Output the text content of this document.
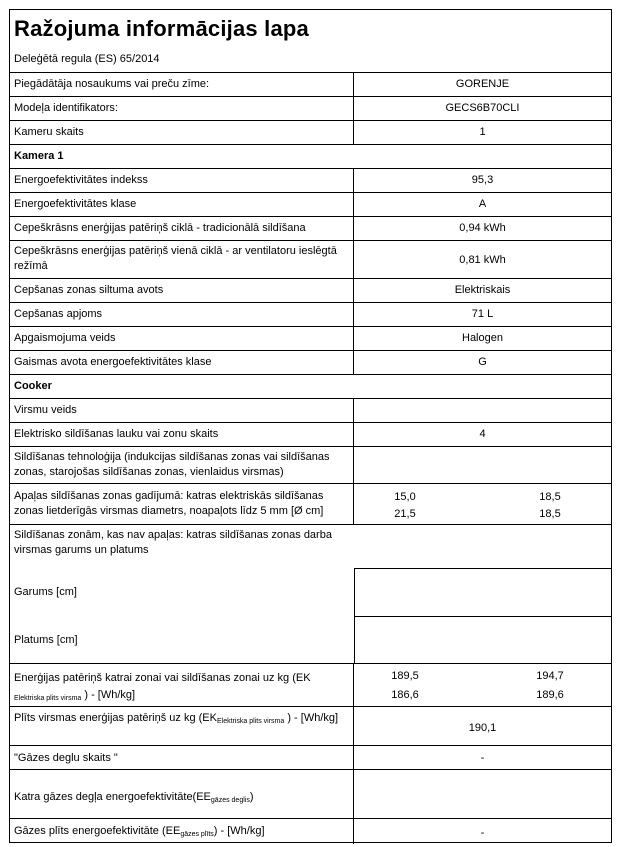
Ražojuma informācijas lapa
Deleģētā regula (ES) 65/2014
Piegādātāja nosaukums vai preču zīme:	GORENJE
Modeļa identifikators:	GECS6B70CLI
Kameru skaits	1
Kamera 1
Energoefektivitātes indekss	95,3
Energoefektivitātes klase	A
Cepeškrāsns enerģijas patēriņš ciklā - tradicionālā sildīšana	0,94 kWh
Cepeškrāsns enerģijas patēriņš vienā ciklā - ar ventilatoru ieslēgtā režīmā	0,81 kWh
Cepšanas zonas siltuma avots	Elektriskais
Cepšanas apjoms	71 L
Apgaismojuma veids	Halogen
Gaismas avota energoefektivitātes klase	G
Cooker
Virsmu veids
Elektrisko sildīšanas lauku vai zonu skaits	4
Sildīšanas tehnoloģija (indukcijas sildīšanas zonas vai sildīšanas zonas, starojošas sildīšanas zonas, vienlaidus virsmas)
Apaļas sildīšanas zonas gadījumā: katras elektriskās sildīšanas zonas lietderīgās virsmas diametrs, noapaļots līdz 5 mm [Ø cm]
15,0	18,5
21,5	18,5
Sildīšanas zonām, kas nav apaļas: katras sildīšanas zonas darba virsmas garums un platums
Garums [cm]
Platums [cm]
Enerģijas patēriņš katrai zonai vai sildīšanas zonai uz kg (EK
$_{Elektriska plits virsma}$ ) - [Wh/kg]
189,5	194,7
186,6	189,6
Plīts virsmas enerģijas patēriņš uz kg ($EK_{Elektriska plits virsma}$ ) - [Wh/kg]
190,1
"Gāzes deglu skaits "	-
Katra gāzes degļa $energoefektivitāte(EE_{gāzes deglis})$
Gāzes plīts energoefektivitāte $(EE_{gāzes plīts}) - [Wh/kg]$	-
